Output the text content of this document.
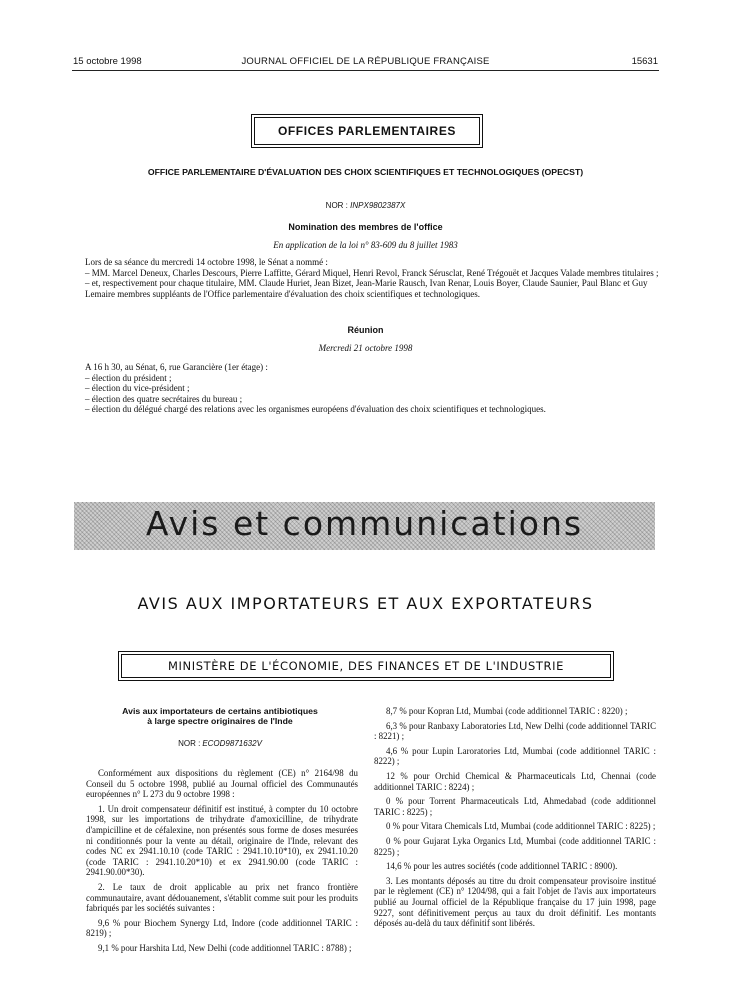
15 octobre 1998	JOURNAL OFFICIEL DE LA RÉPUBLIQUE FRANÇAISE	15631
OFFICES PARLEMENTAIRES
OFFICE PARLEMENTAIRE D'ÉVALUATION DES CHOIX SCIENTIFIQUES ET TECHNOLOGIQUES (OPECST)
NOR : INPX9802387X
Nomination des membres de l'office
En application de la loi n° 83-609 du 8 juillet 1983
Lors de sa séance du mercredi 14 octobre 1998, le Sénat a nommé :
– MM. Marcel Deneux, Charles Descours, Pierre Laffitte, Gérard Miquel, Henri Revol, Franck Sérusclat, René Trégouët et Jacques Valade membres titulaires ;
– et, respectivement pour chaque titulaire, MM. Claude Huriet, Jean Bizet, Jean-Marie Rausch, Ivan Renar, Louis Boyer, Claude Saunier, Paul Blanc et Guy Lemaire membres suppléants de l'Office parlementaire d'évaluation des choix scientifiques et technologiques.
Réunion
Mercredi 21 octobre 1998
A 16 h 30, au Sénat, 6, rue Garancière (1er étage) :
– élection du président ;
– élection du vice-président ;
– élection des quatre secrétaires du bureau ;
– élection du délégué chargé des relations avec les organismes européens d'évaluation des choix scientifiques et technologiques.
Avis et communications
AVIS AUX IMPORTATEURS ET AUX EXPORTATEURS
MINISTÈRE DE L'ÉCONOMIE, DES FINANCES ET DE L'INDUSTRIE
Avis aux importateurs de certains antibiotiques
à large spectre originaires de l'Inde
NOR : ECOD9871632V

Conformément aux dispositions du règlement (CE) n° 2164/98 du Conseil du 5 octobre 1998, publié au Journal officiel des Communautés européennes n° L 273 du 9 octobre 1998 :

1. Un droit compensateur définitif est institué, à compter du 10 octobre 1998, sur les importations de trihydrate d'amoxicilline, de trihydrate d'ampicilline et de céfalexine, non présentés sous forme de doses mesurées ni conditionnés pour la vente au détail, originaire de l'Inde, relevant des codes NC ex 2941.10.10 (code TARIC : 2941.10.10*10), ex 2941.10.20 (code TARIC : 2941.10.20*10) et ex 2941.90.00 (code TARIC : 2941.90.00*30).

2. Le taux de droit applicable au prix net franco frontière communautaire, avant dédouanement, s'établit comme suit pour les produits fabriqués par les sociétés suivantes :

9,6 % pour Biochem Synergy Ltd, Indore (code additionnel TARIC : 8219) ;

9,1 % pour Harshita Ltd, New Delhi (code additionnel TARIC : 8788) ;

8,7 % pour Kopran Ltd, Mumbai (code additionnel TARIC : 8220) ;

6,3 % pour Ranbaxy Laboratories Ltd, New Delhi (code additionnel TARIC : 8221) ;

4,6 % pour Lupin Laroratories Ltd, Mumbai (code additionnel TARIC : 8222) ;

12 % pour Orchid Chemical & Pharmaceuticals Ltd, Chennai (code additionnel TARIC : 8224) ;

0 % pour Torrent Pharmaceuticals Ltd, Ahmedabad (code additionnel TARIC : 8225) ;

0 % pour Vitara Chemicals Ltd, Mumbai (code additionnel TARIC : 8225) ;

0 % pour Gujarat Lyka Organics Ltd, Mumbai (code additionnel TARIC : 8225) ;

14,6 % pour les autres sociétés (code additionnel TARIC : 8900).

3. Les montants déposés au titre du droit compensateur provisoire institué par le règlement (CE) n° 1204/98, qui a fait l'objet de l'avis aux importateurs publié au Journal officiel de la République française du 17 juin 1998, page 9227, sont définitivement perçus au taux du droit définitif. Les montants déposés au-delà du taux définitif sont libérés.
